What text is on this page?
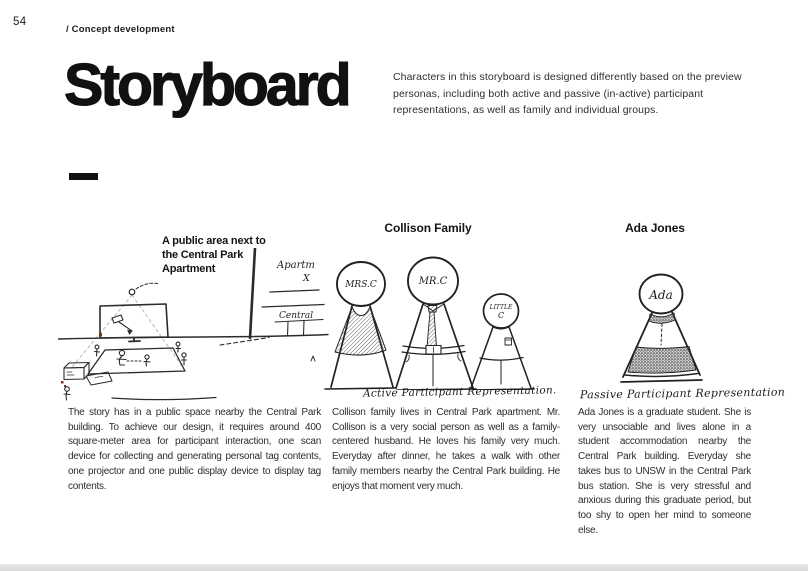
54
/ Concept development
Storyboard	Characters in this storyboard is designed differently based on the preview personas, including both active and passive (in-active) participant representations, as well as family and individual groups.

A public area next to the Central Park Apartment	Apartm
X
Central

The story has in a public space nearby the Central Park building. To achieve our design, it requires around 400 square-meter area for participant interaction, one scan device for collecting and generating personal tag contents, one projector and one public display device to display tag contents.

Collison Family
MRS.C	MR.C
LITTLE
C
Active Participant Representation.

Collison family lives in Central Park apartment. Mr. Collison is a very social person as well as a family-centered husband. He loves his family very much. Everyday after dinner, he takes a walk with other family members nearby the Central Park building. He enjoys that moment very much.

Ada Jones
Ada
Passive Participant Representation

Ada Jones is a graduate student. She is very unsociable and lives alone in a student accommodation nearby the Central Park building. Everyday she takes bus to UNSW in the Central Park bus station. She is very stressful and anxious during this graduate period, but too shy to open her mind to someone else.
